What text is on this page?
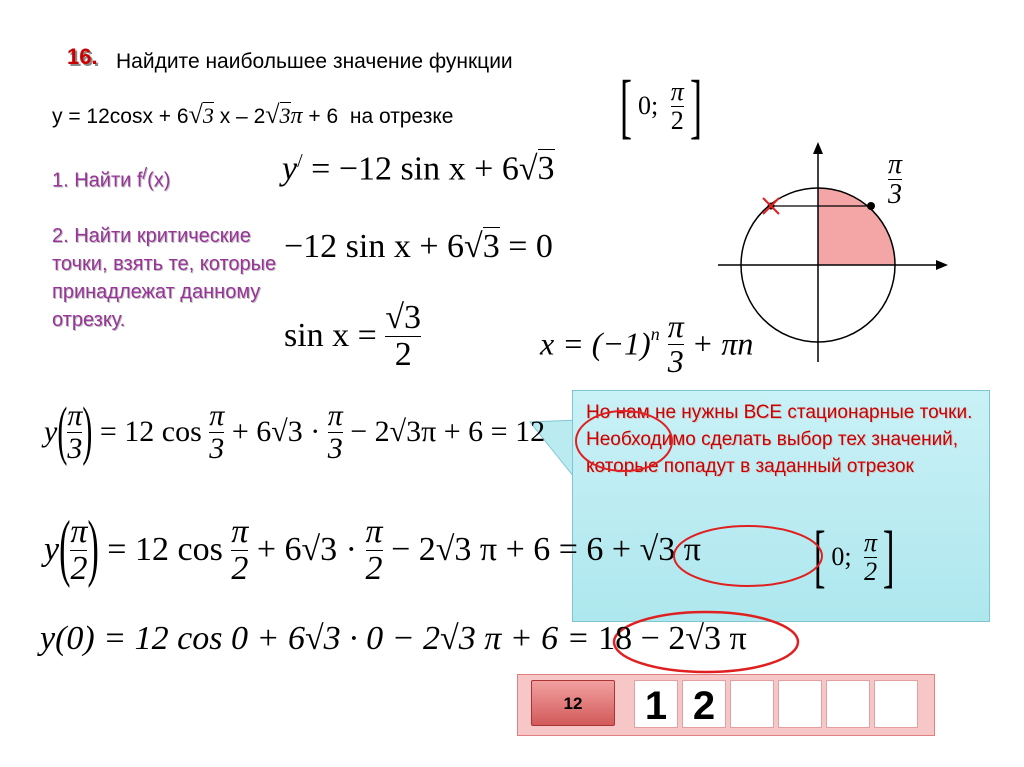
16. Найдите наибольшее значение функции
y = 12cosx + 6√3 x – 2√3π + 6 на отрезке [ 0; $\frac{\pi}{2}$ ]
1. Найти f/(x)
2. Найти критические точки, взять те, которые принадлежат данному отрезку.
y/ = −12 sin x + 6√3
−12 sin x + 6√3 = 0
$\sin x = \frac{√3}{2}$	$x = (-1)^n \frac{\pi}{3} + \pi n$
$\frac{\pi}{3}$
$y( \frac{\pi}{3}$ ) = 12 $\cos \frac{\pi}{3} + 6√3 \cdot \frac{\pi}{3} - 2√3\pi + 6 = 12$
$y( \frac{\pi}{2}$ ) = 12 $\cos \frac{\pi}{2} + 6√3 \cdot \frac{\pi}{2} - 2√3$ π + 6 = 6 + √3 π
Но нам не нужны ВСЕ стационарные точки. Необходимо сделать выбор тех значений, которые попадут в заданный отрезок
[ 0; $\frac{\pi}{2}$ ]
y(0) = 12 cos 0 + 6√3 · 0 − 2√3 π + 6 = 18 − 2√3 π
12	1 2
